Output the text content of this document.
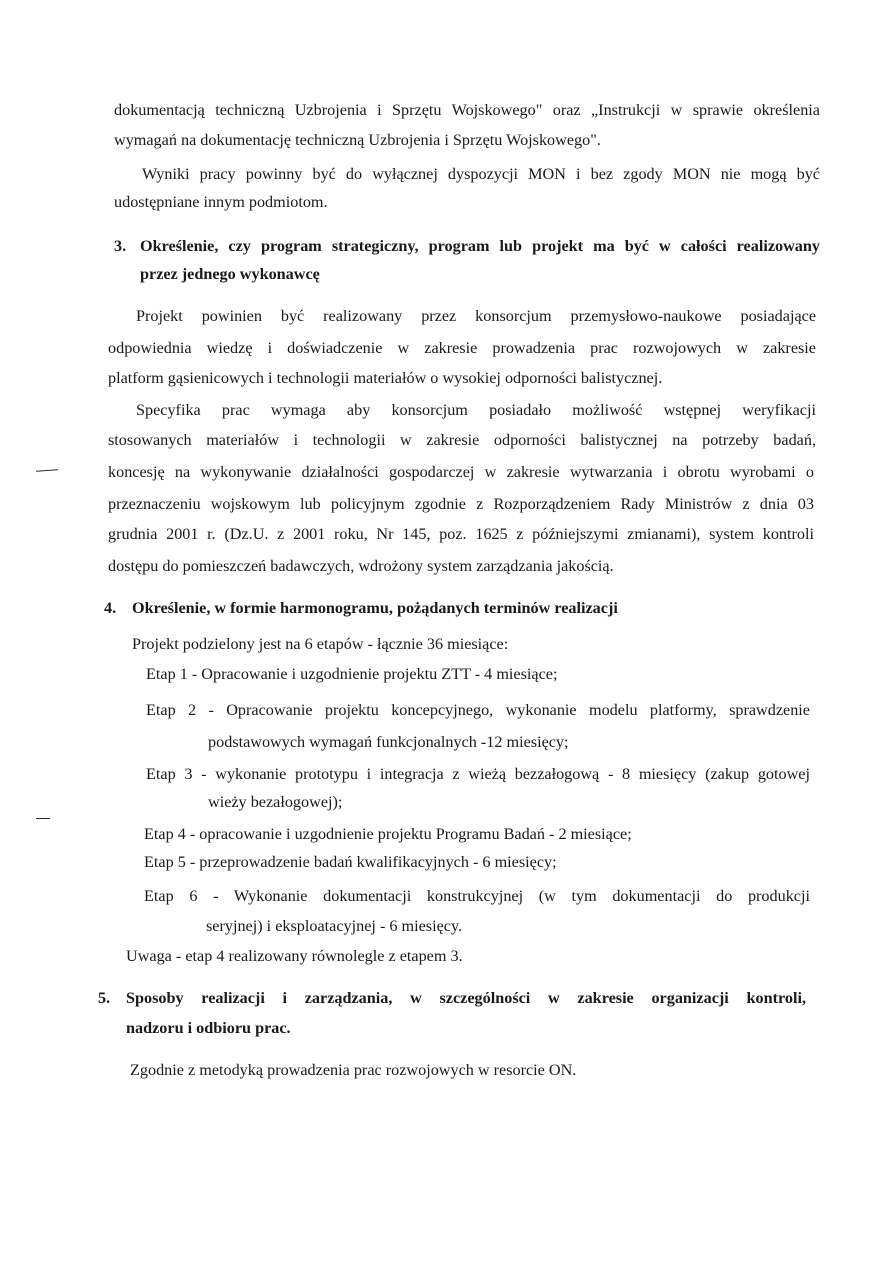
dokumentacją techniczną Uzbrojenia i Sprzętu Wojskowego" oraz „Instrukcji w sprawie określenia
wymagań na dokumentację techniczną Uzbrojenia i Sprzętu Wojskowego".
Wyniki pracy powinny być do wyłącznej dyspozycji MON i bez zgody MON nie mogą być
udostępniane innym podmiotom.
3. Określenie, czy program strategiczny, program lub projekt ma być w całości realizowany
przez jednego wykonawcę
Projekt powinien być realizowany przez konsorcjum przemysłowo-naukowe posiadające
odpowiednia wiedzę i doświadczenie w zakresie prowadzenia prac rozwojowych w zakresie
platform gąsienicowych i technologii materiałów o wysokiej odporności balistycznej.
Specyfika prac wymaga aby konsorcjum posiadało możliwość wstępnej weryfikacji
stosowanych materiałów i technologii w zakresie odporności balistycznej na potrzeby badań,
koncesję na wykonywanie działalności gospodarczej w zakresie wytwarzania i obrotu wyrobami o
przeznaczeniu wojskowym lub policyjnym zgodnie z Rozporządzeniem Rady Ministrów z dnia 03
grudnia 2001 r. (Dz.U. z 2001 roku, Nr 145, poz. 1625 z późniejszymi zmianami), system kontroli
dostępu do pomieszczeń badawczych, wdrożony system zarządzania jakością.
4. Określenie, w formie harmonogramu, pożądanych terminów realizacji
Projekt podzielony jest na 6 etapów - łącznie 36 miesiące:
Etap 1 - Opracowanie i uzgodnienie projektu ZTT - 4 miesiące;
Etap 2 - Opracowanie projektu koncepcyjnego, wykonanie modelu platformy, sprawdzenie
podstawowych wymagań funkcjonalnych -12 miesięcy;
Etap 3 - wykonanie prototypu i integracja z wieżą bezzałogową - 8 miesięcy (zakup gotowej
wieży bezałogowej);
Etap 4 - opracowanie i uzgodnienie projektu Programu Badań - 2 miesiące;
Etap 5 - przeprowadzenie badań kwalifikacyjnych - 6 miesięcy;
Etap 6 - Wykonanie dokumentacji konstrukcyjnej (w tym dokumentacji do produkcji
seryjnej) i eksploatacyjnej - 6 miesięcy.
Uwaga - etap 4 realizowany równolegle z etapem 3.
5. Sposoby realizacji i zarządzania, w szczególności w zakresie organizacji kontroli,
nadzoru i odbioru prac.
Zgodnie z metodyką prowadzenia prac rozwojowych w resorcie ON.
